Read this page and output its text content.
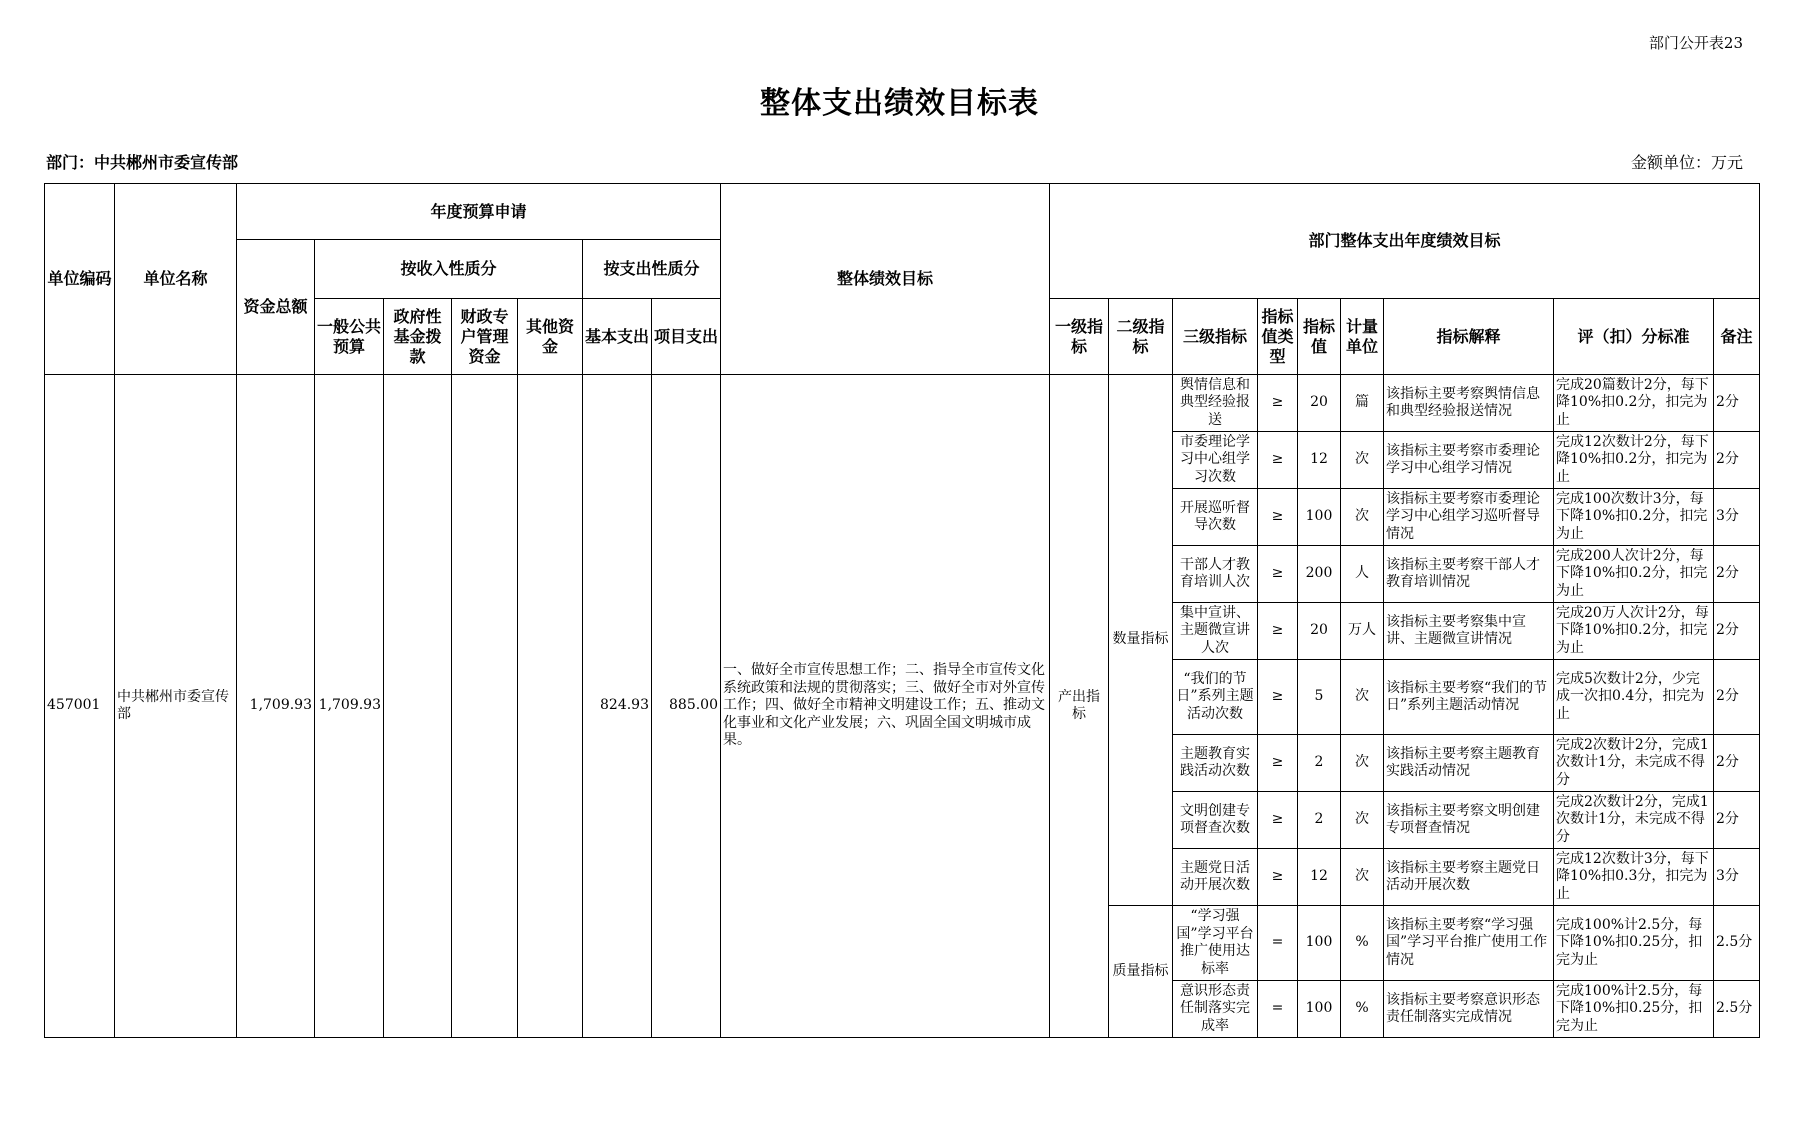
部门公开表23
整体支出绩效目标表
部门：中共郴州市委宣传部	金额单位：万元
单位编码	单位名称	年度预算申请							整体绩效目标	部门整体支出年度绩效目标								
		资金总额	按收入性质分				按支出性质分											
			一般公共预算	政府性基金拨款	财政专户管理资金	其他资金	基本支出	项目支出		一级指标	二级指标	三级指标	指标值类型	指标值	计量单位	指标解释	评（扣）分标准	备注

457001	中共郴州市委宣传部	1,709.93	1,709.93				824.93	885.00	一、做好全市宣传思想工作；二、指导全市宣传文化系统政策和法规的贯彻落实；三、做好全市对外宣传工作；四、做好全市精神文明建设工作；五、推动文化事业和文化产业发展；六、巩固全国文明城市成果。	产出指标	数量指标	舆情信息和典型经验报送	≥	20	篇	该指标主要考察舆情信息和典型经验报送情况	完成20篇数计2分，每下降10%扣0.2分，扣完为止	2分

												市委理论学习中心组学习次数	≥	12	次	该指标主要考察市委理论学习中心组学习情况	完成12次数计2分，每下降10%扣0.2分，扣完为止	2分

												开展巡听督导次数	≥	100	次	该指标主要考察市委理论学习中心组学习巡听督导情况	完成100次数计3分，每下降10%扣0.2分，扣完为止	3分

												干部人才教育培训人次	≥	200	人	该指标主要考察干部人才教育培训情况	完成200人次计2分，每下降10%扣0.2分，扣完为止	2分

												集中宣讲、主题微宣讲人次	≥	20	万人	该指标主要考察集中宣讲、主题微宣讲情况	完成20万人次计2分，每下降10%扣0.2分，扣完为止	2分

												“我们的节日”系列主题活动次数	≥	5	次	该指标主要考察“我们的节日”系列主题活动情况	完成5次数计2分，少完成一次扣0.4分，扣完为止	2分

												主题教育实践活动次数	≥	2	次	该指标主要考察主题教育实践活动情况	完成2次数计2分，完成1次数计1分，未完成不得分	2分

												文明创建专项督查次数	≥	2	次	该指标主要考察文明创建专项督查情况	完成2次数计2分，完成1次数计1分，未完成不得分	2分

												主题党日活动开展次数	≥	12	次	该指标主要考察主题党日活动开展次数	完成12次数计3分，每下降10%扣0.3分，扣完为止	3分

											质量指标	“学习强国”学习平台推广使用达标率	=	100	%	该指标主要考察“学习强国”学习平台推广使用工作情况	完成100%计2.5分，每下降10%扣0.25分，扣完为止	2.5分

												意识形态责任制落实完成率	=	100	%	该指标主要考察意识形态责任制落实完成情况	完成100%计2.5分，每下降10%扣0.25分，扣完为止	2.5分
